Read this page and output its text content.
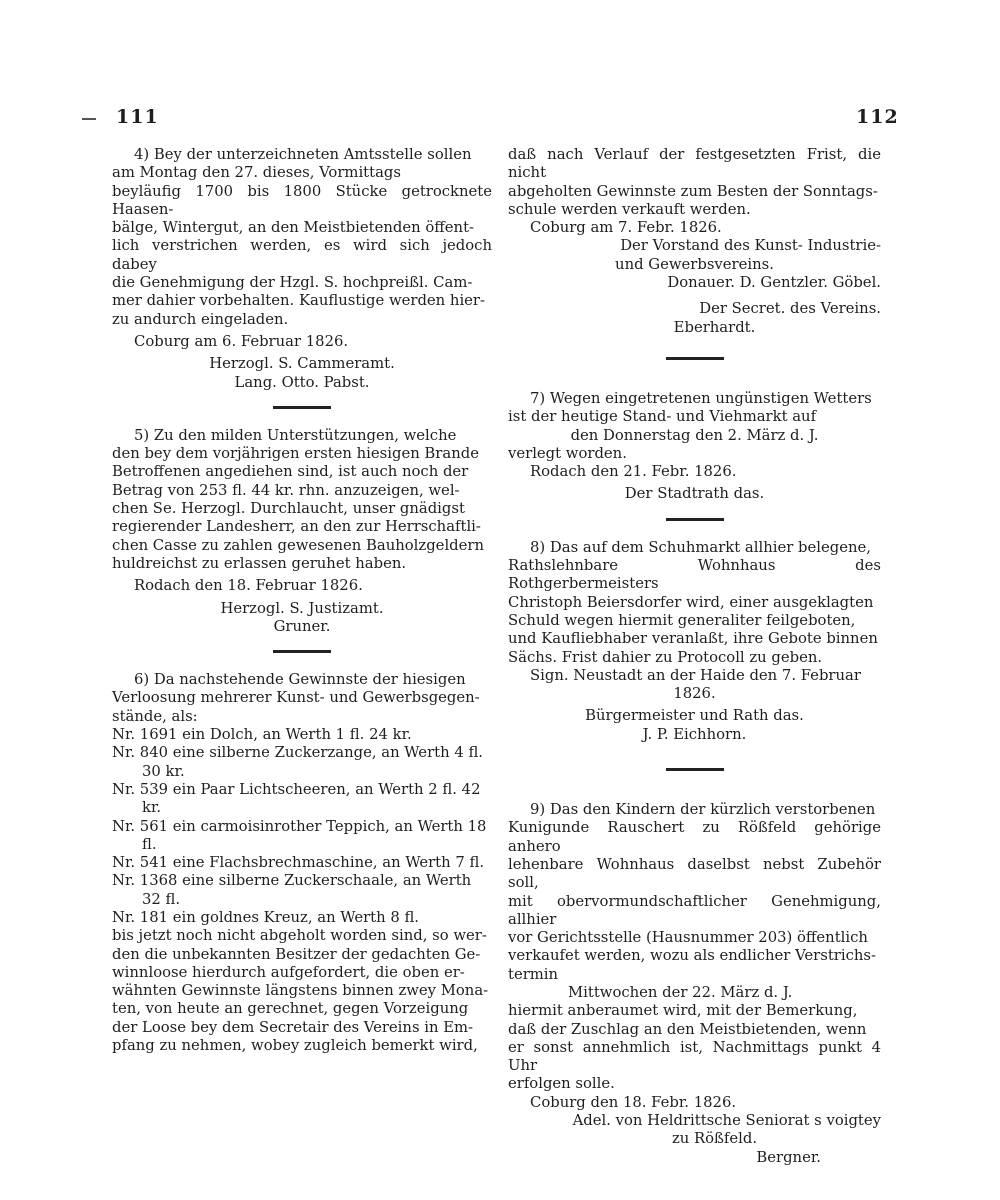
111	112

4) Bey der unterzeichneten Amtsstelle sollen

am Montag den 27. dieses, Vormittags

beyläufig 1700 bis 1800 Stücke getrocknete Haasen-

bälge, Wintergut, an den Meistbietenden öffent-

lich verstrichen werden, es wird sich jedoch dabey

die Genehmigung der Hzgl. S. hochpreißl. Cam-

mer dahier vorbehalten. Kauflustige werden hier-

zu andurch eingeladen.

Coburg am 6. Februar 1826.

Herzogl. S. Cammeramt.

Lang. Otto. Pabst.

5) Zu den milden Unterstützungen, welche

den bey dem vorjährigen ersten hiesigen Brande

Betroffenen angediehen sind, ist auch noch der

Betrag von 253 fl. 44 kr. rhn. anzuzeigen, wel-

chen Se. Herzogl. Durchlaucht, unser gnädigst

regierender Landesherr, an den zur Herrschaftli-

chen Casse zu zahlen gewesenen Bauholzgeldern

huldreichst zu erlassen geruhet haben.

Rodach den 18. Februar 1826.

Herzogl. S. Justizamt.

Gruner.

6) Da nachstehende Gewinnste der hiesigen

Verloosung mehrerer Kunst- und Gewerbsgegen-

stände, als:

Nr. 1691 ein Dolch, an Werth 1 fl. 24 kr.

Nr. 840 eine silberne Zuckerzange, an Werth 4 fl. 30 kr.

Nr. 539 ein Paar Lichtscheeren, an Werth 2 fl. 42 kr.

Nr. 561 ein carmoisinrother Teppich, an Werth 18 fl.

Nr. 541 eine Flachsbrechmaschine, an Werth 7 fl.

Nr. 1368 eine silberne Zuckerschaale, an Werth 32 fl.

Nr. 181 ein goldnes Kreuz, an Werth 8 fl.

bis jetzt noch nicht abgeholt worden sind, so wer-

den die unbekannten Besitzer der gedachten Ge-

winnloose hierdurch aufgefordert, die oben er-

wähnten Gewinnste längstens binnen zwey Mona-

ten, von heute an gerechnet, gegen Vorzeigung

der Loose bey dem Secretair des Vereins in Em-

pfang zu nehmen, wobey zugleich bemerkt wird,

daß nach Verlauf der festgesetzten Frist, die nicht

abgeholten Gewinnste zum Besten der Sonntags-

schule werden verkauft werden.

Coburg am 7. Febr. 1826.

Der Vorstand des Kunst- Industrie-

und Gewerbsvereins.

Donauer. D. Gentzler. Göbel.

Der Secret. des Vereins.

Eberhardt.

7) Wegen eingetretenen ungünstigen Wetters

ist der heutige Stand- und Viehmarkt auf

den Donnerstag den 2. März d. J.

verlegt worden.

Rodach den 21. Febr. 1826.

Der Stadtrath das.

8) Das auf dem Schuhmarkt allhier belegene,

Rathslehnbare Wohnhaus des Rothgerbermeisters

Christoph Beiersdorfer wird, einer ausgeklagten

Schuld wegen hiermit generaliter feilgeboten,

und Kaufliebhaber veranlaßt, ihre Gebote binnen

Sächs. Frist dahier zu Protocoll zu geben.

Sign. Neustadt an der Haide den 7. Februar

1826.

Bürgermeister und Rath das.

J. P. Eichhorn.

9) Das den Kindern der kürzlich verstorbenen

Kunigunde Rauschert zu Rößfeld gehörige anhero

lehenbare Wohnhaus daselbst nebst Zubehör soll,

mit obervormundschaftlicher Genehmigung, allhier

vor Gerichtsstelle (Hausnummer 203) öffentlich

verkaufet werden, wozu als endlicher Verstrichs-

termin

Mittwochen der 22. März d. J.

hiermit anberaumet wird, mit der Bemerkung,

daß der Zuschlag an den Meistbietenden, wenn

er sonst annehmlich ist, Nachmittags punkt 4 Uhr

erfolgen solle.

Coburg den 18. Febr. 1826.

Adel. von Heldrittsche Seniorat s voigtey

zu Rößfeld.

Bergner.
